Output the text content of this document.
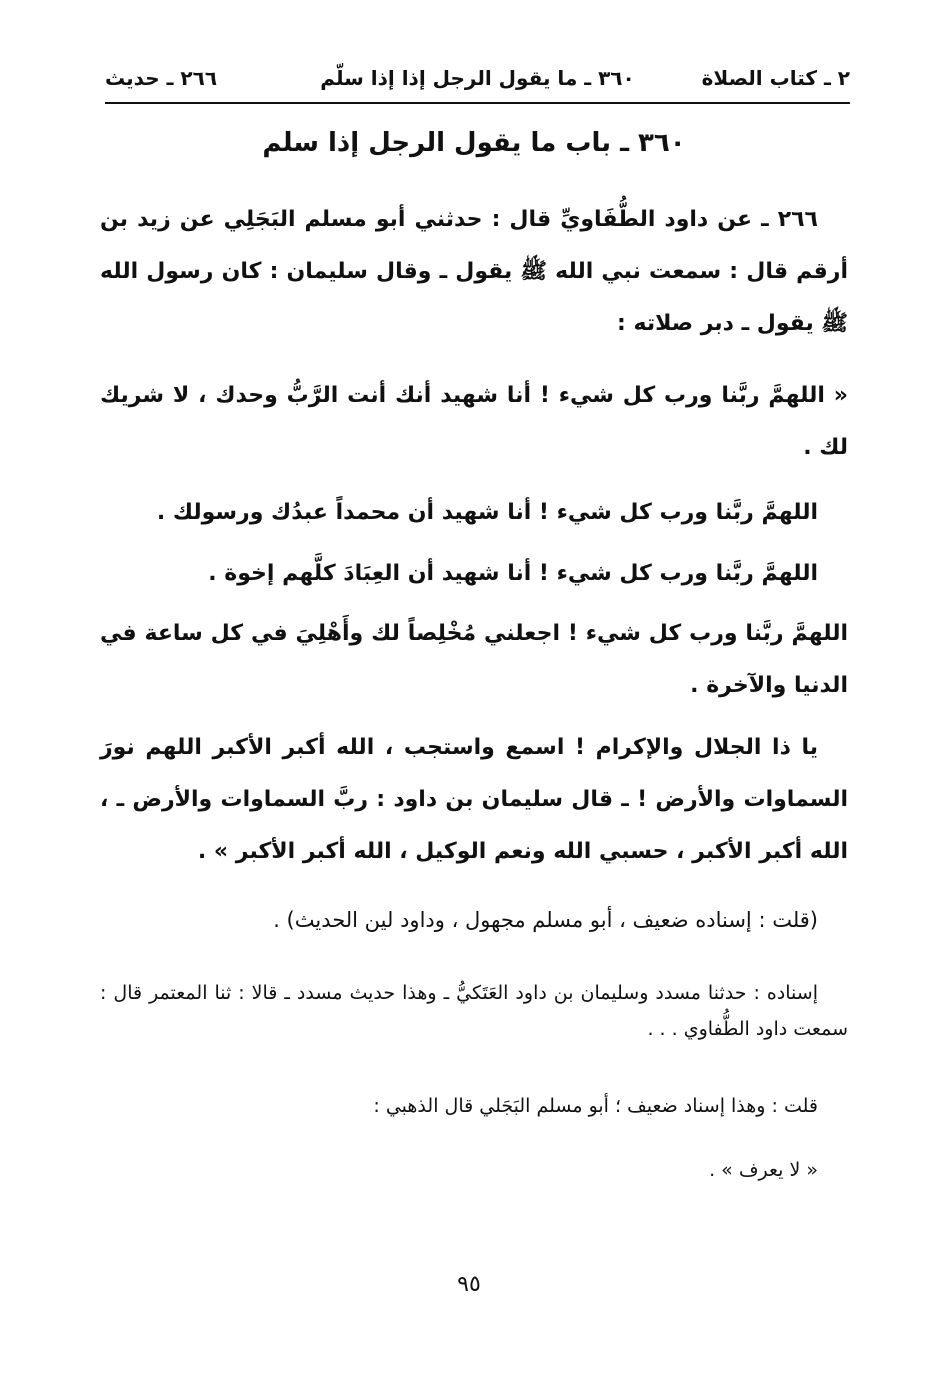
٢ ـ كتاب الصلاة
٣٦٠ ـ ما يقول الرجل إذا إذا سلّم
٢٦٦ ـ حديث
٣٦٠ ـ باب ما يقول الرجل إذا سلم

٢٦٦ ـ عن داود الطُّفَاويِّ قال : حدثني أبو مسلم البَجَلِي عن زيد بن أرقم قال : سمعت نبي الله ﷺ يقول ـ وقال سليمان : كان رسول الله ﷺ يقول ـ دبر صلاته :

« اللهمَّ ربَّنا ورب كل شيء ! أنا شهيد أنك أنت الرَّبُّ وحدك ، لا شريك لك .

اللهمَّ ربَّنا ورب كل شيء ! أنا شهيد أن محمداً عبدُك ورسولك .

اللهمَّ ربَّنا ورب كل شيء ! أنا شهيد أن العِبَادَ كلَّهم إخوة .

اللهمَّ ربَّنا ورب كل شيء ! اجعلني مُخْلِصاً لك وأَهْلِيَ في كل ساعة في الدنيا والآخرة .

يا ذا الجلال والإكرام ! اسمع واستجب ، الله أكبر الأكبر اللهم نورَ السماوات والأرض ! ـ قال سليمان بن داود : ربَّ السماوات والأرض ـ ، الله أكبر الأكبر ، حسبي الله ونعم الوكيل ، الله أكبر الأكبر » .

(قلت : إسناده ضعيف ، أبو مسلم مجهول ، وداود لين الحديث) .

إسناده : حدثنا مسدد وسليمان بن داود العَتَكيُّ ـ وهذا حديث مسدد ـ قالا : ثنا المعتمر قال : سمعت داود الطُّفاوي . . .

قلت : وهذا إسناد ضعيف ؛ أبو مسلم البَجَلي قال الذهبي :

« لا يعرف » .

٩٥
